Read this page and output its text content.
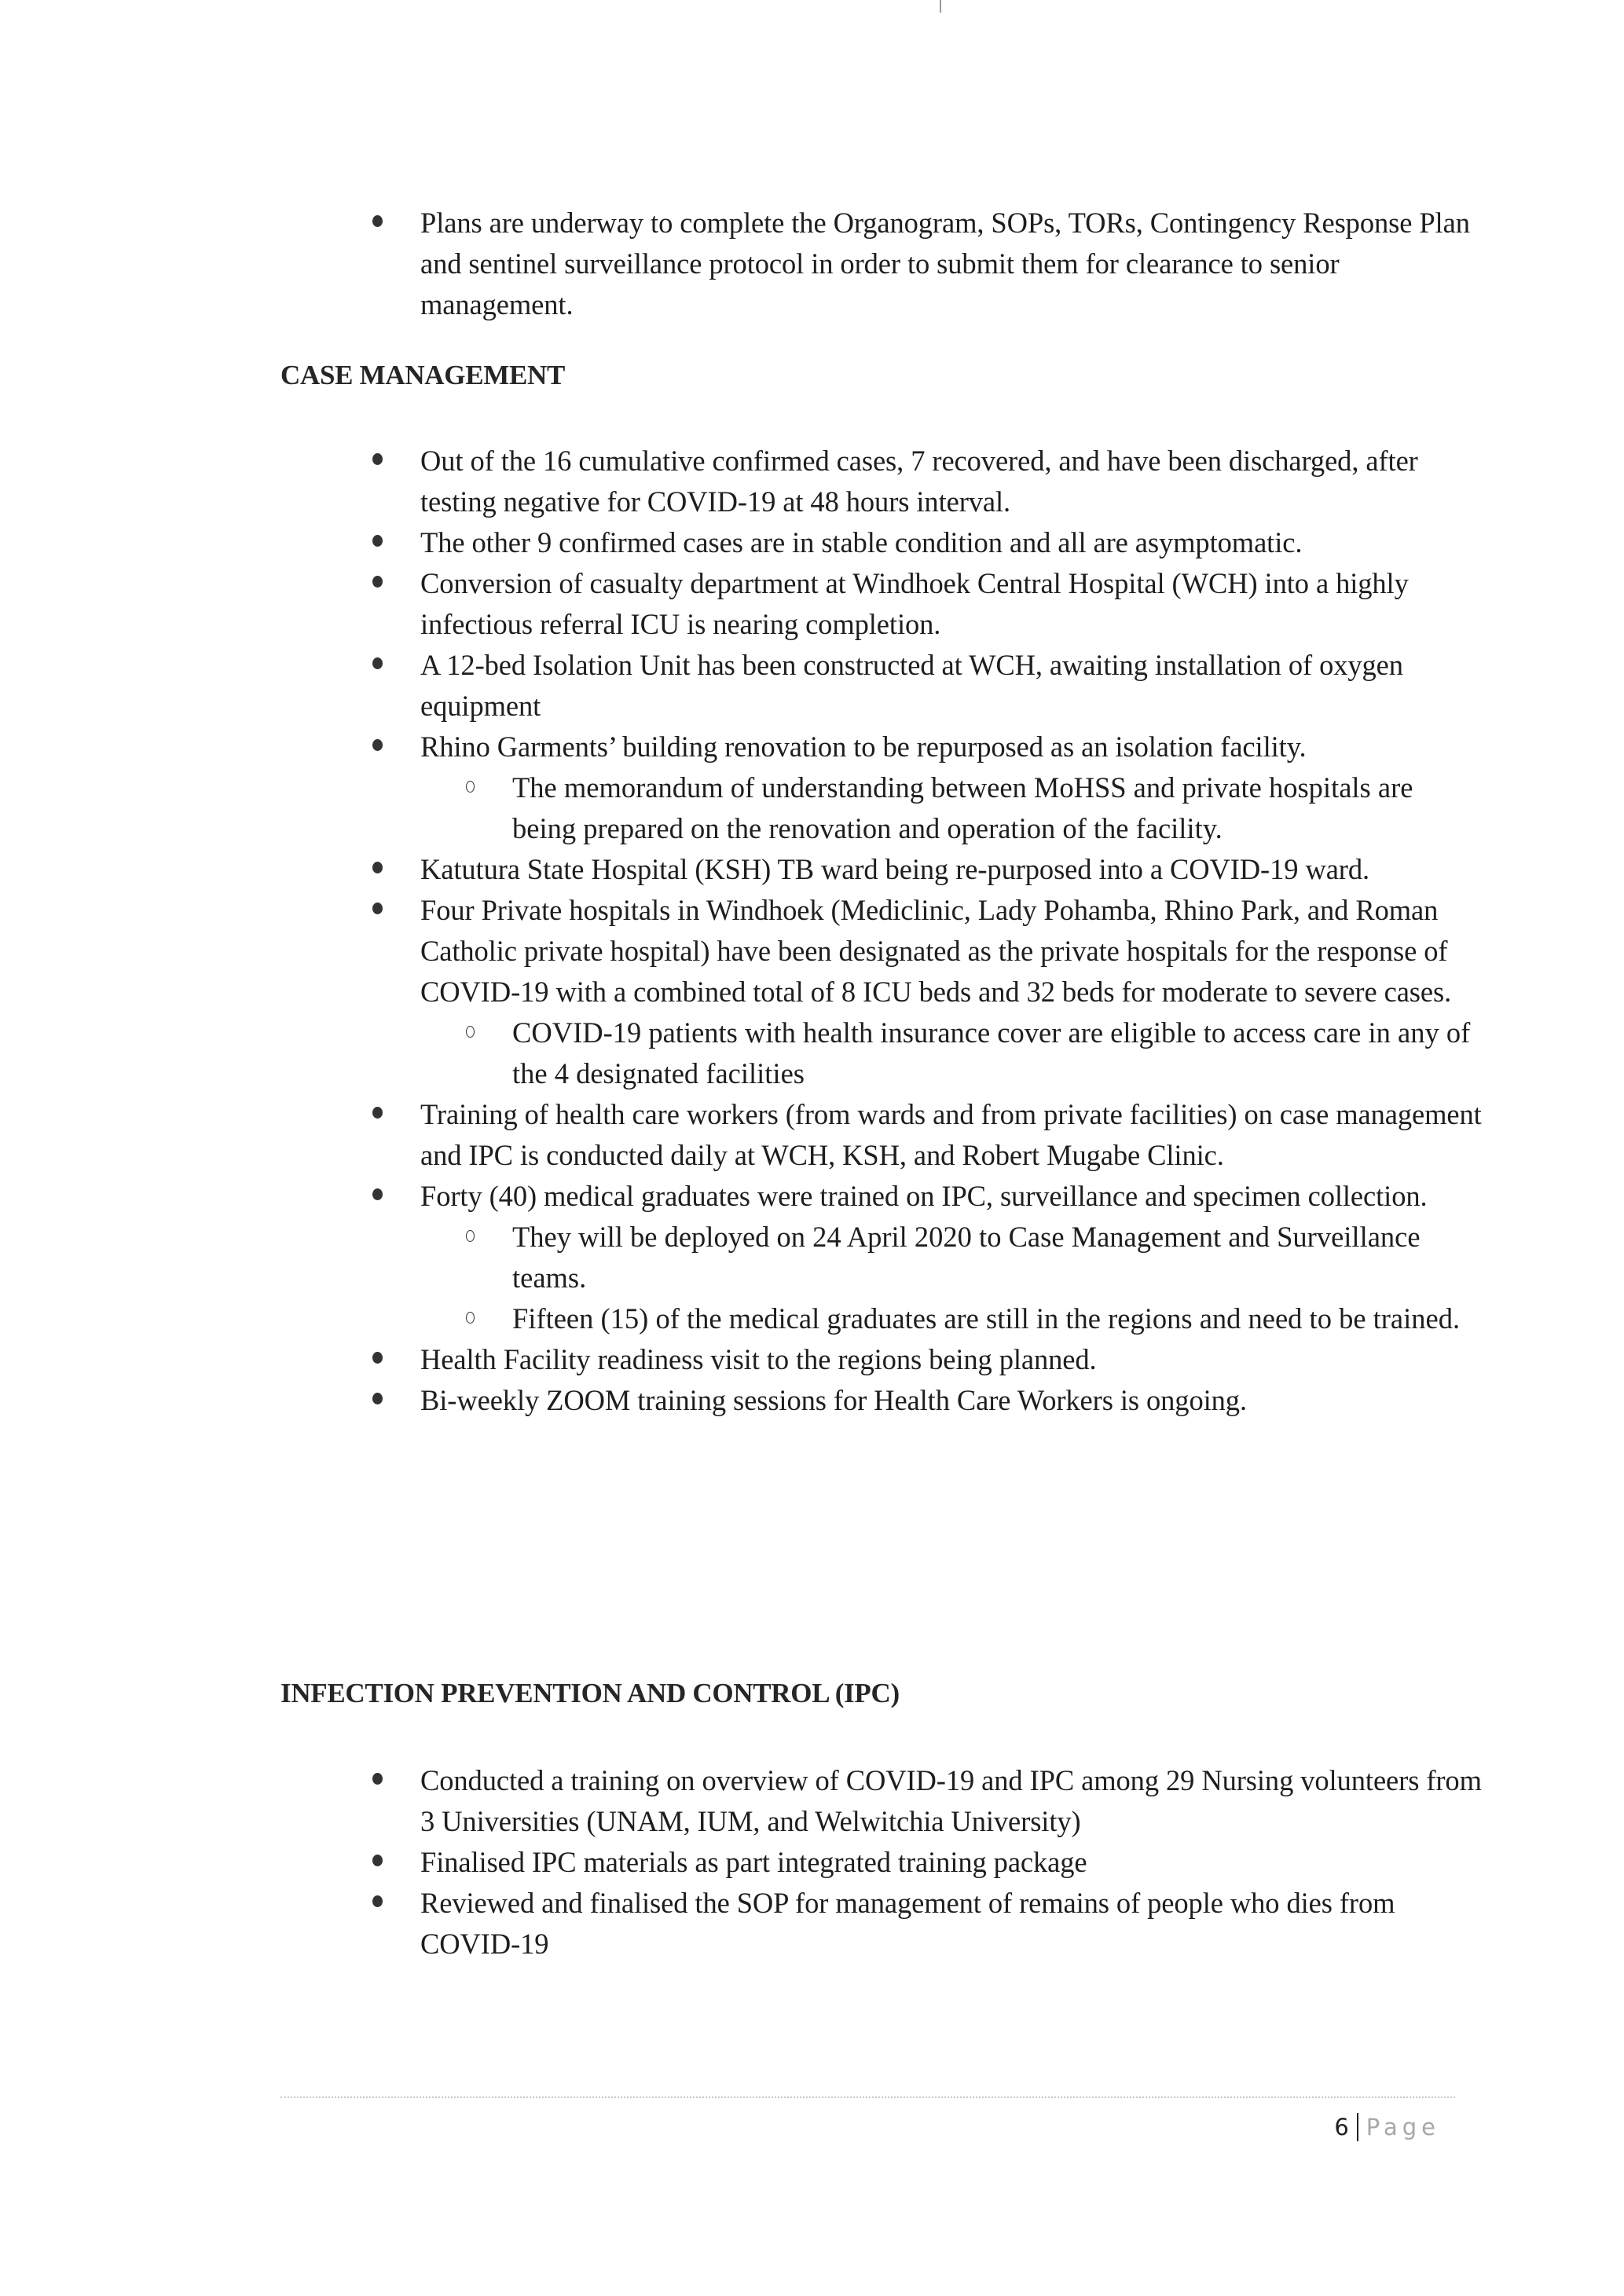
Plans are underway to complete the Organogram, SOPs, TORs, Contingency Response Plan and sentinel surveillance protocol in order to submit them for clearance to senior management.
CASE MANAGEMENT
Out of the 16 cumulative confirmed cases, 7 recovered, and have been discharged, after testing negative for COVID-19 at 48 hours interval.
The other 9 confirmed cases are in stable condition and all are asymptomatic.
Conversion of casualty department at Windhoek Central Hospital (WCH) into a highly infectious referral ICU is nearing completion.
A 12-bed Isolation Unit has been constructed at WCH, awaiting installation of oxygen equipment
Rhino Garments’ building renovation to be repurposed as an isolation facility.
The memorandum of understanding between MoHSS and private hospitals are being prepared on the renovation and operation of the facility.
Katutura State Hospital (KSH) TB ward being re-purposed into a COVID-19 ward.
Four Private hospitals in Windhoek (Mediclinic, Lady Pohamba, Rhino Park, and Roman Catholic private hospital) have been designated as the private hospitals for the response of COVID-19 with a combined total of 8 ICU beds and 32 beds for moderate to severe cases.
COVID-19 patients with health insurance cover are eligible to access care in any of the 4 designated facilities
Training of health care workers (from wards and from private facilities) on case management and IPC is conducted daily at WCH, KSH, and Robert Mugabe Clinic.
Forty (40) medical graduates were trained on IPC, surveillance and specimen collection.
They will be deployed on 24 April 2020 to Case Management and Surveillance teams.
Fifteen (15) of the medical graduates are still in the regions and need to be trained.
Health Facility readiness visit to the regions being planned.
Bi-weekly ZOOM training sessions for Health Care Workers is ongoing.
INFECTION PREVENTION AND CONTROL (IPC)
Conducted a training on overview of COVID-19 and IPC among 29 Nursing volunteers from 3 Universities (UNAM, IUM, and Welwitchia University)
Finalised IPC materials as part integrated training package
Reviewed and finalised the SOP for management of remains of people who dies from COVID-19
6 Page
